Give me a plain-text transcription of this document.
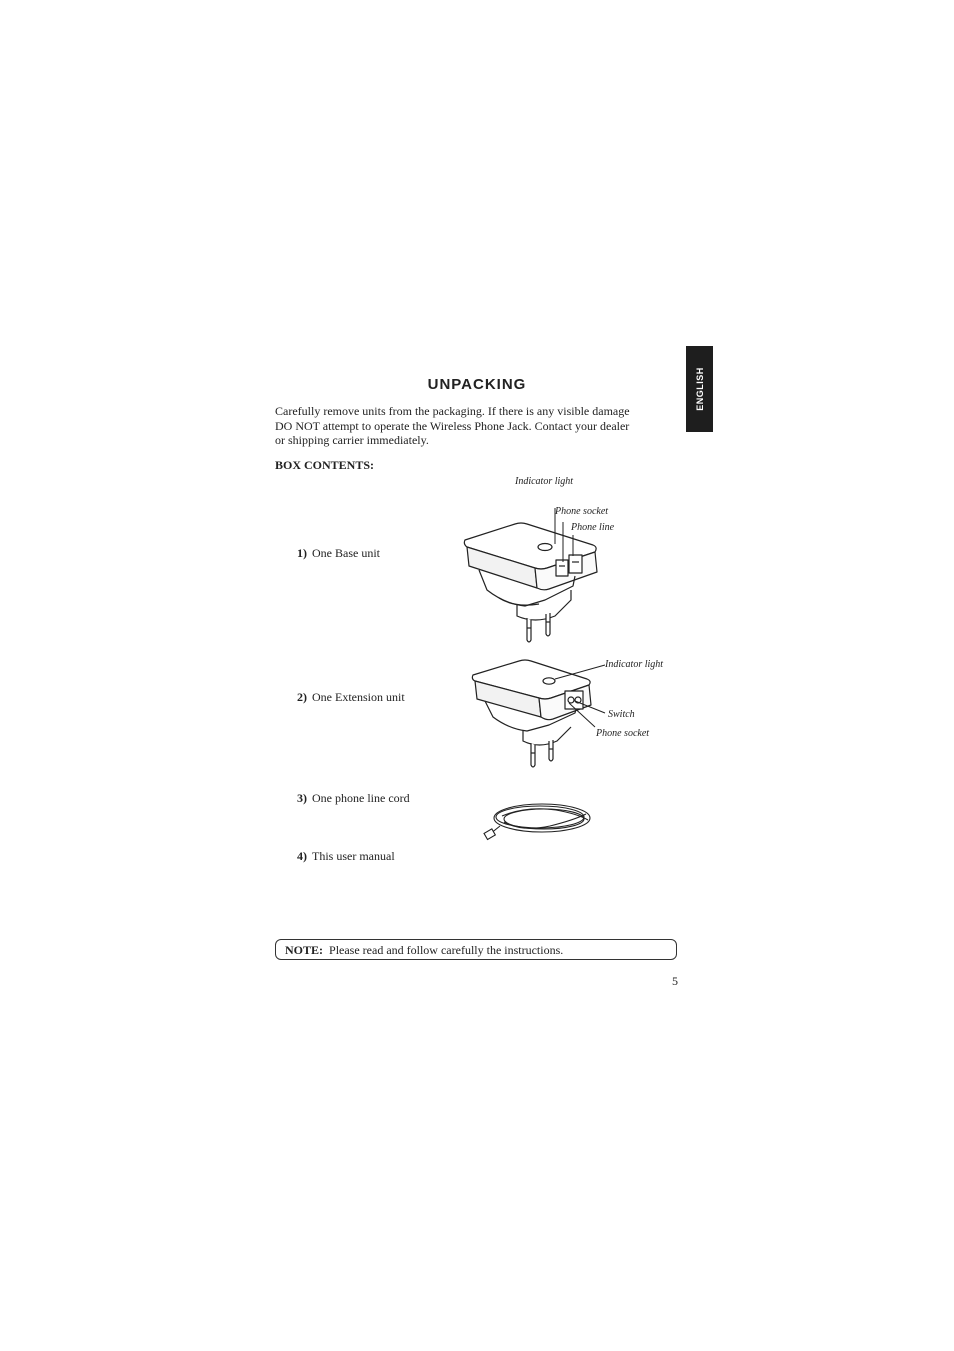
ENGLISH
UNPACKING
Carefully remove units from the packaging. If there is any visible damage
DO NOT attempt to operate the Wireless Phone Jack. Contact your dealer
or shipping carrier immediately.
BOX CONTENTS:
1) One Base unit
2) One Extension unit
3) One phone line cord
4) This user manual
Indicator light
Phone socket
Phone line
Indicator light
Switch
Phone socket
NOTE: Please read and follow carefully the instructions.
5
